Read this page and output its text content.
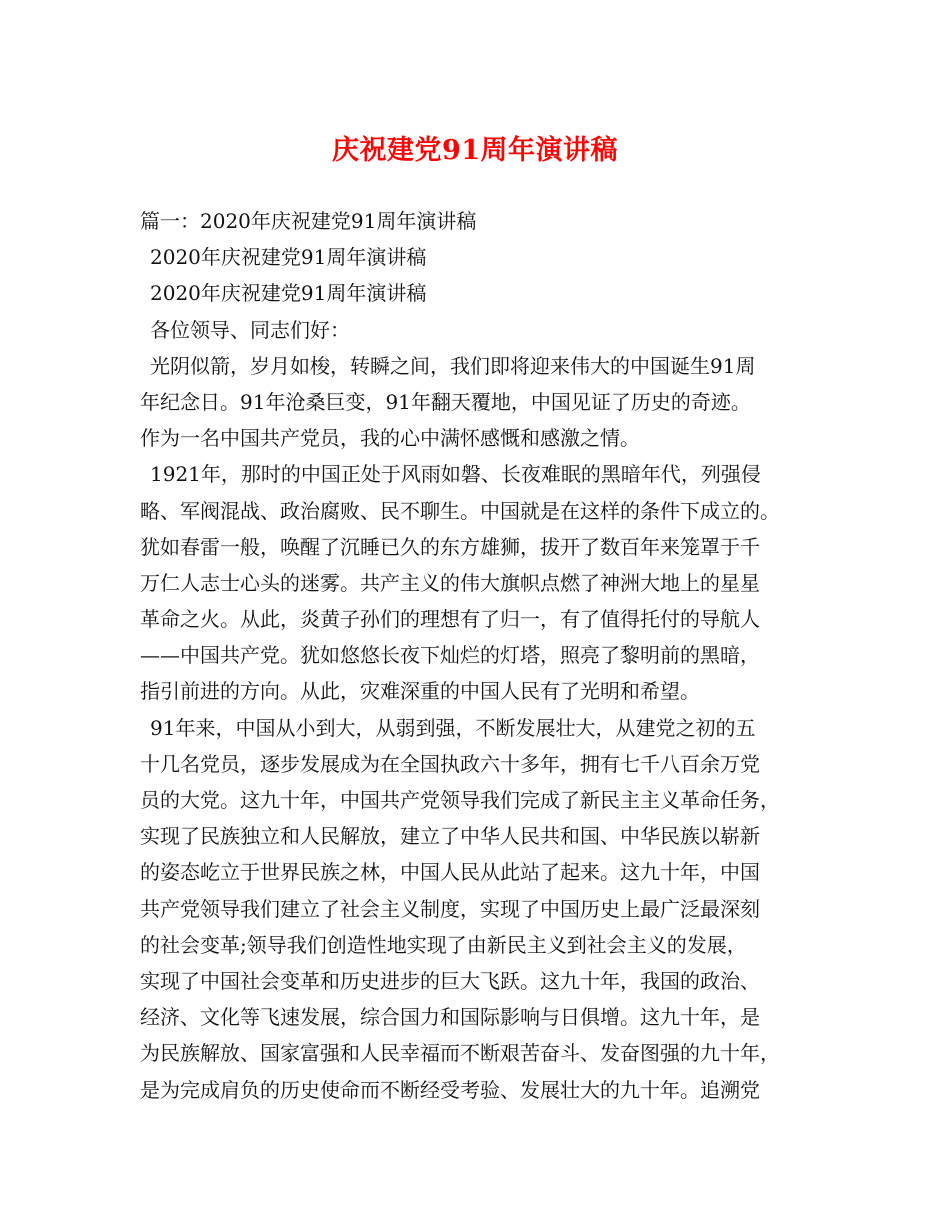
庆祝建党91周年演讲稿
篇一：2020年庆祝建党91周年演讲稿
2020年庆祝建党91周年演讲稿
2020年庆祝建党91周年演讲稿
各位领导、同志们好：
光阴似箭，岁月如梭，转瞬之间，我们即将迎来伟大的中国诞生91周
年纪念日。91年沧桑巨变，91年翻天覆地，中国见证了历史的奇迹。
作为一名中国共产党员，我的心中满怀感慨和感激之情。
1921年，那时的中国正处于风雨如磐、长夜难眠的黑暗年代，列强侵
略、军阀混战、政治腐败、民不聊生。中国就是在这样的条件下成立的。
犹如春雷一般，唤醒了沉睡已久的东方雄狮，拔开了数百年来笼罩于千
万仁人志士心头的迷雾。共产主义的伟大旗帜点燃了神洲大地上的星星
革命之火。从此，炎黄子孙们的理想有了归一，有了值得托付的导航人
——中国共产党。犹如悠悠长夜下灿烂的灯塔，照亮了黎明前的黑暗，
指引前进的方向。从此，灾难深重的中国人民有了光明和希望。
91年来，中国从小到大，从弱到强，不断发展壮大，从建党之初的五
十几名党员，逐步发展成为在全国执政六十多年，拥有七千八百余万党
员的大党。这九十年，中国共产党领导我们完成了新民主主义革命任务，
实现了民族独立和人民解放，建立了中华人民共和国、中华民族以崭新
的姿态屹立于世界民族之林，中国人民从此站了起来。这九十年，中国
共产党领导我们建立了社会主义制度，实现了中国历史上最广泛最深刻
的社会变革;领导我们创造性地实现了由新民主义到社会主义的发展，
实现了中国社会变革和历史进步的巨大飞跃。这九十年，我国的政治、
经济、文化等飞速发展，综合国力和国际影响与日俱增。这九十年，是
为民族解放、国家富强和人民幸福而不断艰苦奋斗、发奋图强的九十年，
是为完成肩负的历史使命而不断经受考验、发展壮大的九十年。追溯党
